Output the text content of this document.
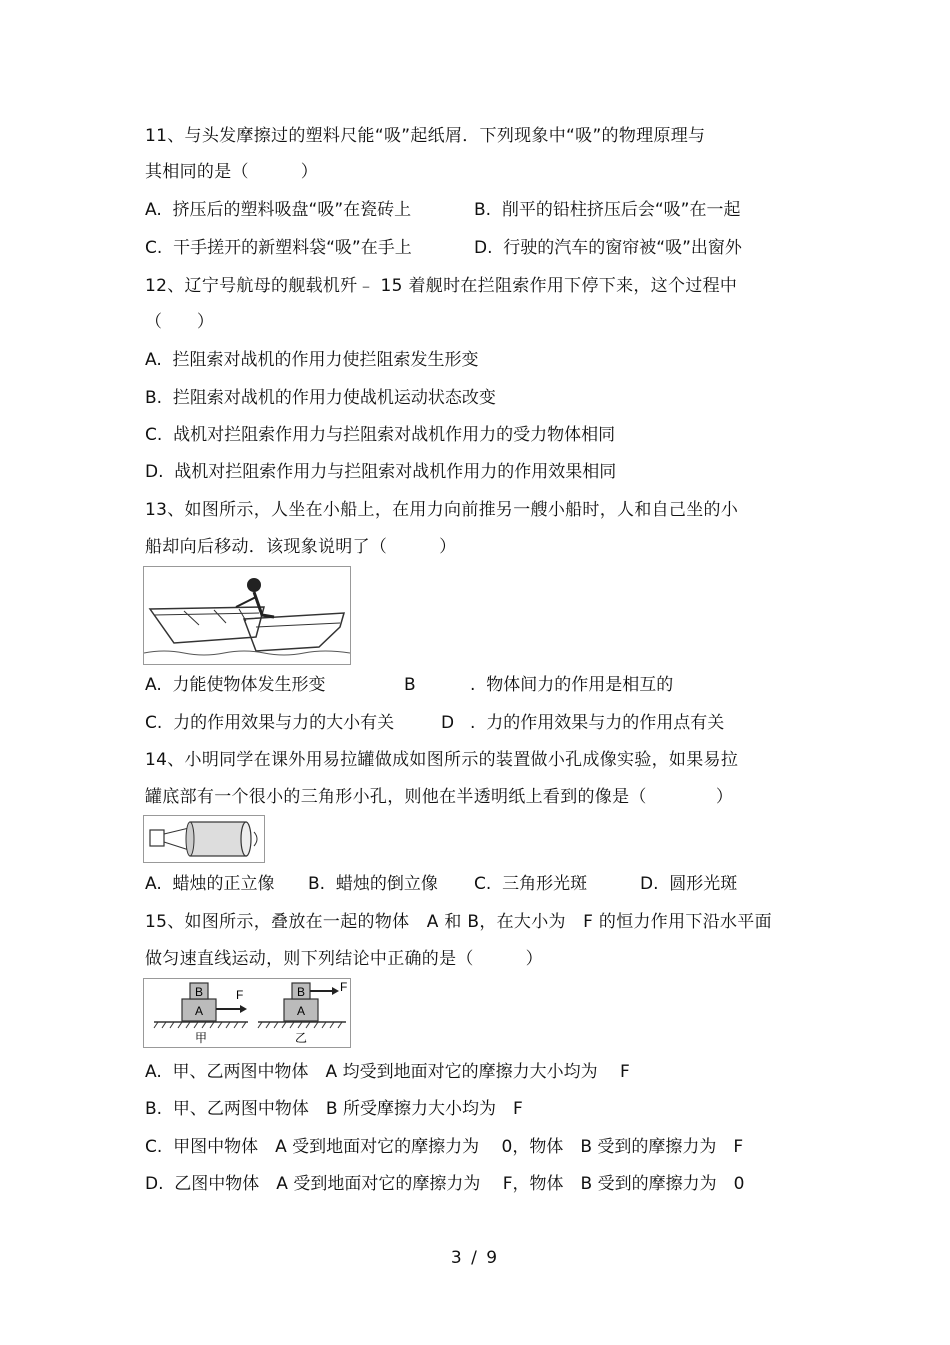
11、与头发摩擦过的塑料尺能“吸”起纸屑．下列现象中“吸”的物理原理与
其相同的是（　　　）
A.  挤压后的塑料吸盘“吸”在瓷砖上	B.  削平的铅柱挤压后会“吸”在一起
C.  干手搓开的新塑料袋“吸”在手上	D.  行驶的汽车的窗帘被“吸”出窗外
12、辽宁号航母的舰载机歼﹣ 15 着舰时在拦阻索作用下停下来，这个过程中
（　　）
A.  拦阻索对战机的作用力使拦阻索发生形变
B.  拦阻索对战机的作用力使战机运动状态改变
C.  战机对拦阻索作用力与拦阻索对战机作用力的受力物体相同
D.  战机对拦阻索作用力与拦阻索对战机作用力的作用效果相同
13、如图所示，人坐在小船上，在用力向前推另一艘小船时，人和自己坐的小
船却向后移动．该现象说明了（　　　）
A.  力能使物体发生形变	B	.  物体间力的作用是相互的
C.  力的作用效果与力的大小有关	D .  力的作用效果与力的作用点有关
14、小明同学在课外用易拉罐做成如图所示的装置做小孔成像实验，如果易拉
罐底部有一个很小的三角形小孔，则他在半透明纸上看到的像是（　　　　）
A.  蜡烛的正立像 B.  蜡烛的倒立像 C.  三角形光斑	D.  圆形光斑
15、如图所示，叠放在一起的物体　A 和 B，在大小为　F 的恒力作用下沿水平面
做匀速直线运动，则下列结论中正确的是（　　　）
B
A
F
甲
B
A
F
乙
A.  甲、乙两图中物体　A 均受到地面对它的摩擦力大小均为　 F
B.  甲、乙两图中物体　B 所受摩擦力大小均为　F
C.  甲图中物体　A 受到地面对它的摩擦力为　 0，物体　B 受到的摩擦力为　F
D.  乙图中物体　A 受到地面对它的摩擦力为　 F，物体　B 受到的摩擦力为　0
3 / 9
